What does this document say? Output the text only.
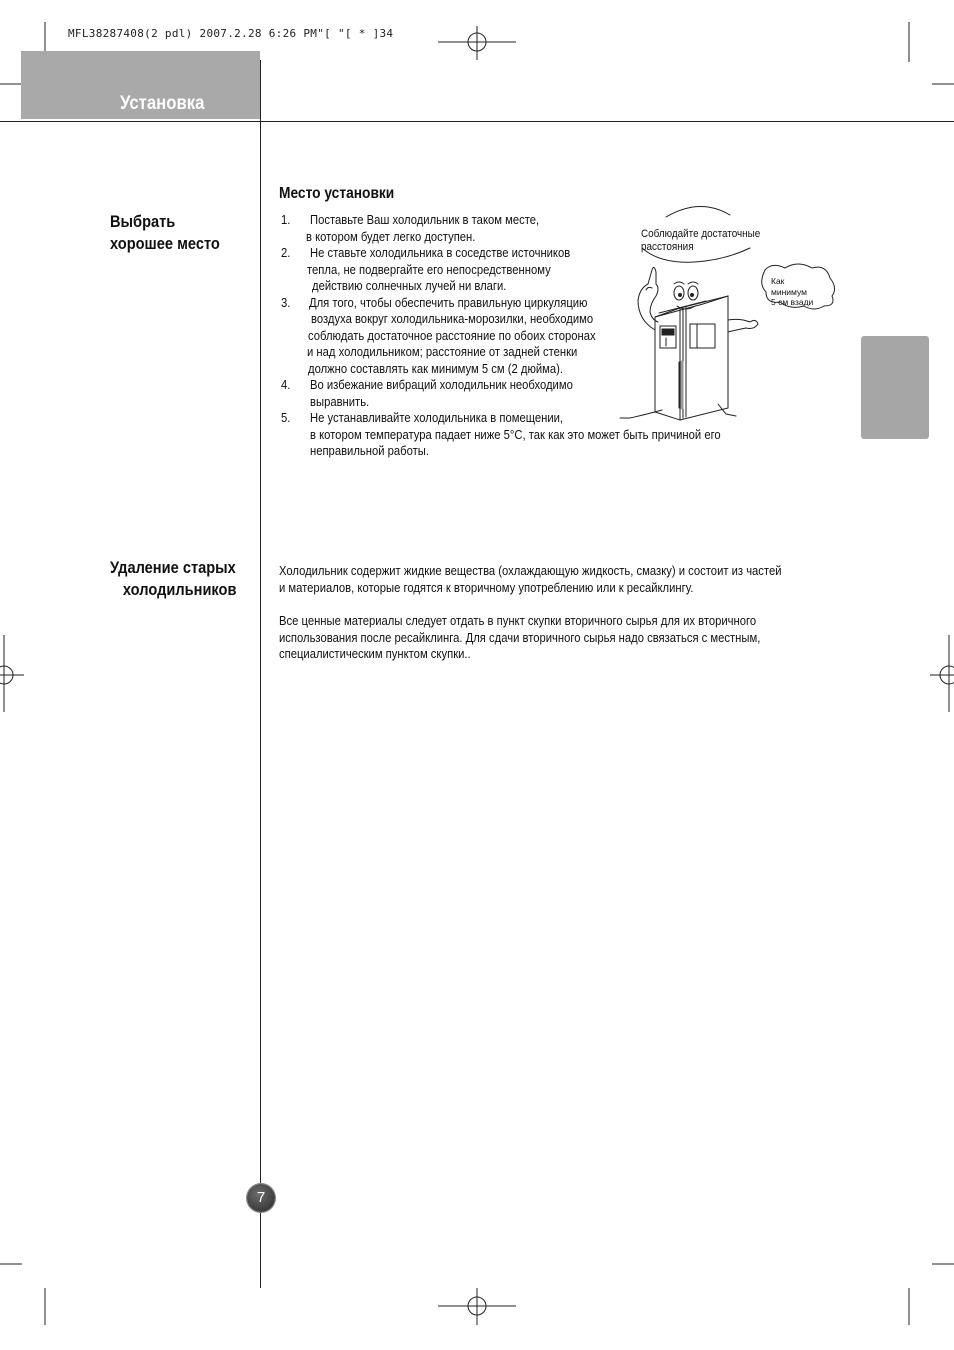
MFL38287408(2 pdl) 2007.2.28 6:26 PM"[ "[ * ]34
Установка
Выбрать
хорошее место
Удаление старых
холодильников
Место установки
1. Поставьте Ваш холодильник в таком месте,
в котором будет легко доступен.
2. Не ставьте холодильника в соседстве источников
тепла, не подвергайте его непосредственному
действию солнечных лучей ни влаги.
3. Для того, чтобы обеспечить правильную циркуляцию
воздуха вокруг холодильника-морозилки, необходимо
соблюдать достаточное расстояние по обоих сторонах
и над холодильником; расстояние от задней стенки
должно составлять как минимум 5 см (2 дюйма).
4. Во избежание вибраций холодильник необходимо
выравнить.
5. Не устанавливайте холодильника в помещении,
в котором температура падает ниже 5°C, так как это может быть причиной его
неправильной работы.
Соблюдайте достаточные
расстояния
Как
минимум
5 см взади
Холодильник содержит жидкие вещества (охлаждающую жидкость, смазку) и состоит из частей
и материалов, которые годятся к вторичному употреблению или к ресайклингу.
Все ценные материалы следует отдать в пункт скупки вторичного сырья для их вторичного
использования после ресайклинга. Для сдачи вторичного сырья надо связаться с местным,
специалистическим пунктом скупки..
7
